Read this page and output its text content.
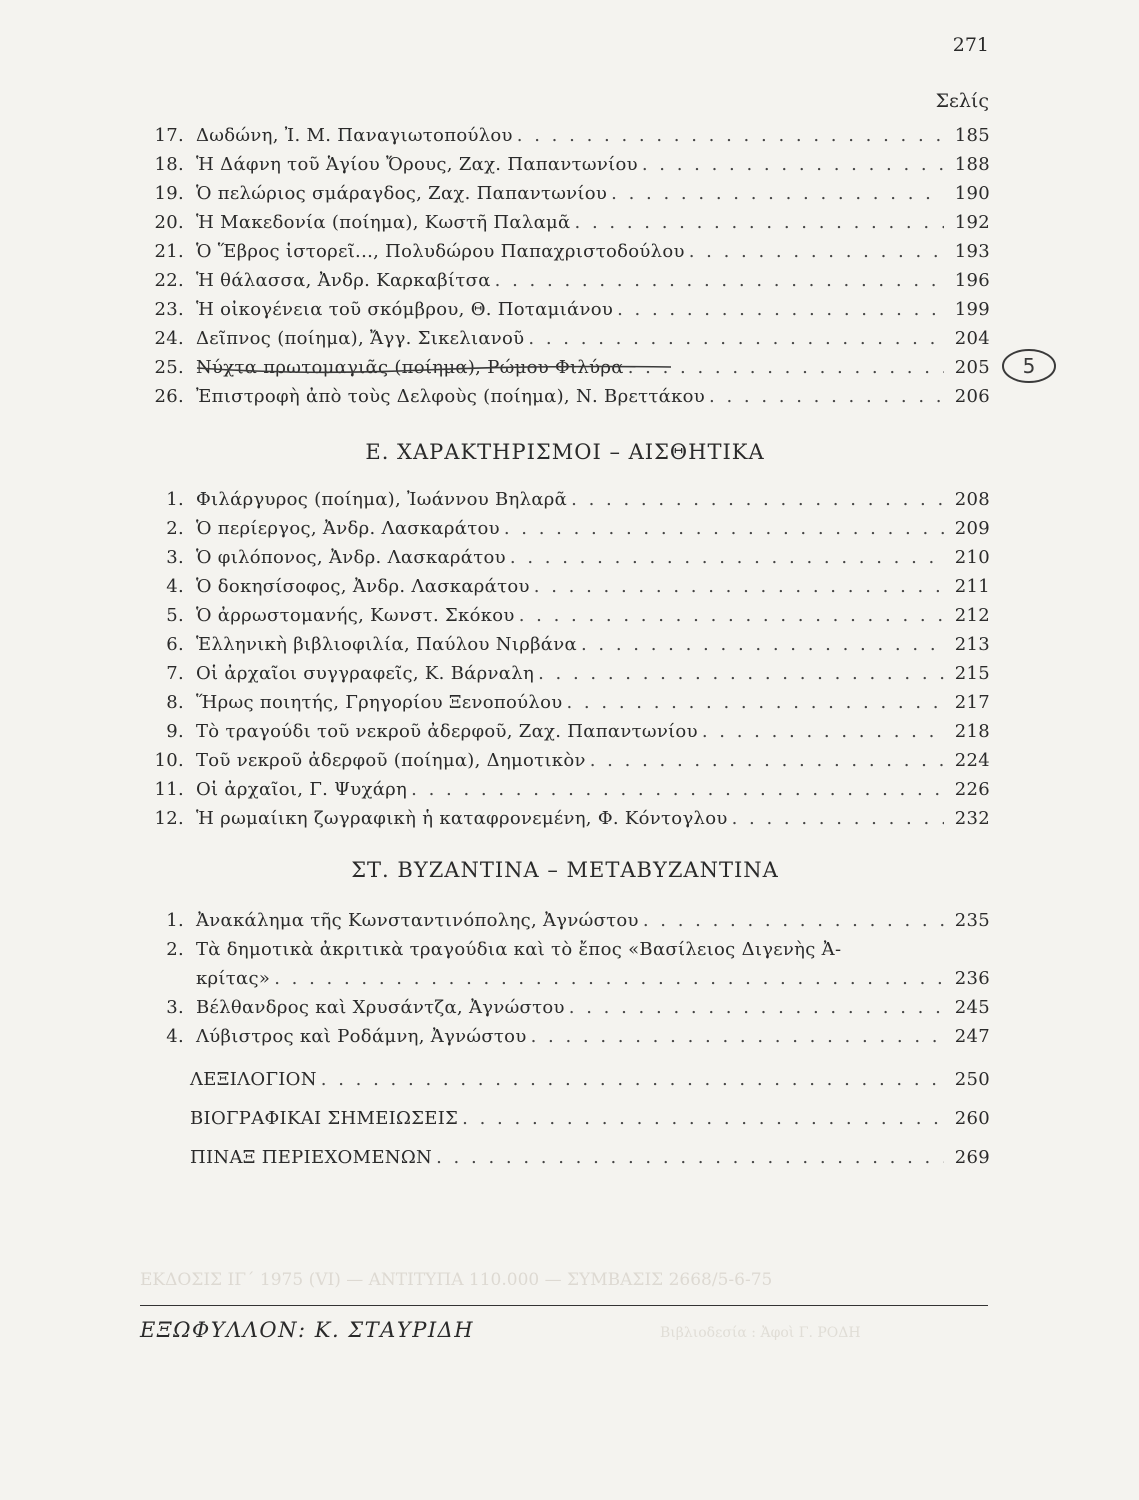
271
Σελίς
17. Δωδώνη, Ἰ. Μ. Παναγιωτοπούλου . . .	185
18. Ἡ Δάφνη τοῦ Ἁγίου Ὄρους, Ζαχ. Παπαντωνίου . . .	188
19. Ὁ πελώριος σμάραγδος, Ζαχ. Παπαντωνίου . . .	190
20. Ἡ Μακεδονία (ποίημα), Κωστῆ Παλαμᾶ . . .	192
21. Ὁ Ἕβρος ἱστορεῖ..., Πολυδώρου Παπαχριστοδούλου . . .	193
22. Ἡ θάλασσα, Ἀνδρ. Καρκαβίτσα . . .	196
23. Ἡ οἰκογένεια τοῦ σκόμβρου, Θ. Ποταμιάνου . . .	199
24. Δεῖπνος (ποίημα), Ἄγγ. Σικελιανοῦ . . .	204
25. Νύχτα πρωτομαγιᾶς (ποίημα), Ρώμου Φιλύρα . . .	205
26. Ἐπιστροφὴ ἀπὸ τοὺς Δελφοὺς (ποίημα), Ν. Βρεττάκου . . .	206
5
Ε. ΧΑΡΑΚΤΗΡΙΣΜΟΙ – ΑΙΣΘΗΤΙΚΑ
1. Φιλάργυρος (ποίημα), Ἰωάννου Βηλαρᾶ . . .	208
2. Ὁ περίεργος, Ἀνδρ. Λασκαράτου . . .	209
3. Ὁ φιλόπονος, Ἀνδρ. Λασκαράτου . . .	210
4. Ὁ δοκησίσοφος, Ἀνδρ. Λασκαράτου . . .	211
5. Ὁ ἀρρωστομανής, Κωνστ. Σκόκου . . .	212
6. Ἑλληνικὴ βιβλιοφιλία, Παύλου Νιρβάνα . . .	213
7. Οἱ ἀρχαῖοι συγγραφεῖς, Κ. Βάρναλη . . .	215
8. Ἥρως ποιητής, Γρηγορίου Ξενοπούλου . . .	217
9. Τὸ τραγούδι τοῦ νεκροῦ ἀδερφοῦ, Ζαχ. Παπαντωνίου . . .	218
10. Τοῦ νεκροῦ ἀδερφοῦ (ποίημα), Δημοτικὸν . . .	224
11. Οἱ ἀρχαῖοι, Γ. Ψυχάρη . . .	226
12. Ἡ ρωμαίικη ζωγραφικὴ ἡ καταφρονεμένη, Φ. Κόντογλου . . .	232
ΣΤ. ΒΥΖΑΝΤΙΝΑ – ΜΕΤΑΒΥΖΑΝΤΙΝΑ
1. Ἀνακάλημα τῆς Κωνσταντινόπολης, Ἀγνώστου . . .	235
2. Τὰ δημοτικὰ ἀκριτικὰ τραγούδια καὶ τὸ ἔπος «Βασίλειος Διγενὴς Ἀ-
κρίτας» . . .	236
3. Βέλθανδρος καὶ Χρυσάντζα, Ἀγνώστου . . .	245
4. Λύβιστρος καὶ Ροδάμνη, Ἀγνώστου . . .	247
ΛΕΞΙΛΟΓΙΟΝ . . .	250
ΒΙΟΓΡΑΦΙΚΑΙ ΣΗΜΕΙΩΣΕΙΣ . . .	260
ΠΙΝΑΞ ΠΕΡΙΕΧΟΜΕΝΩΝ . . .	269
ΕΚΔΟΣΙΣ ΙΓ΄ 1975 (VI) — ΑΝΤΙΤΥΠΑ 110.000 — ΣΥΜΒΑΣΙΣ 2668/5-6-75
Βιβλιοδεσία : Ἀφοὶ Γ. ΡΟΔΗ
ΕΞΩΦΥΛΛΟΝ: Κ. ΣΤΑΥΡΙΔΗ
